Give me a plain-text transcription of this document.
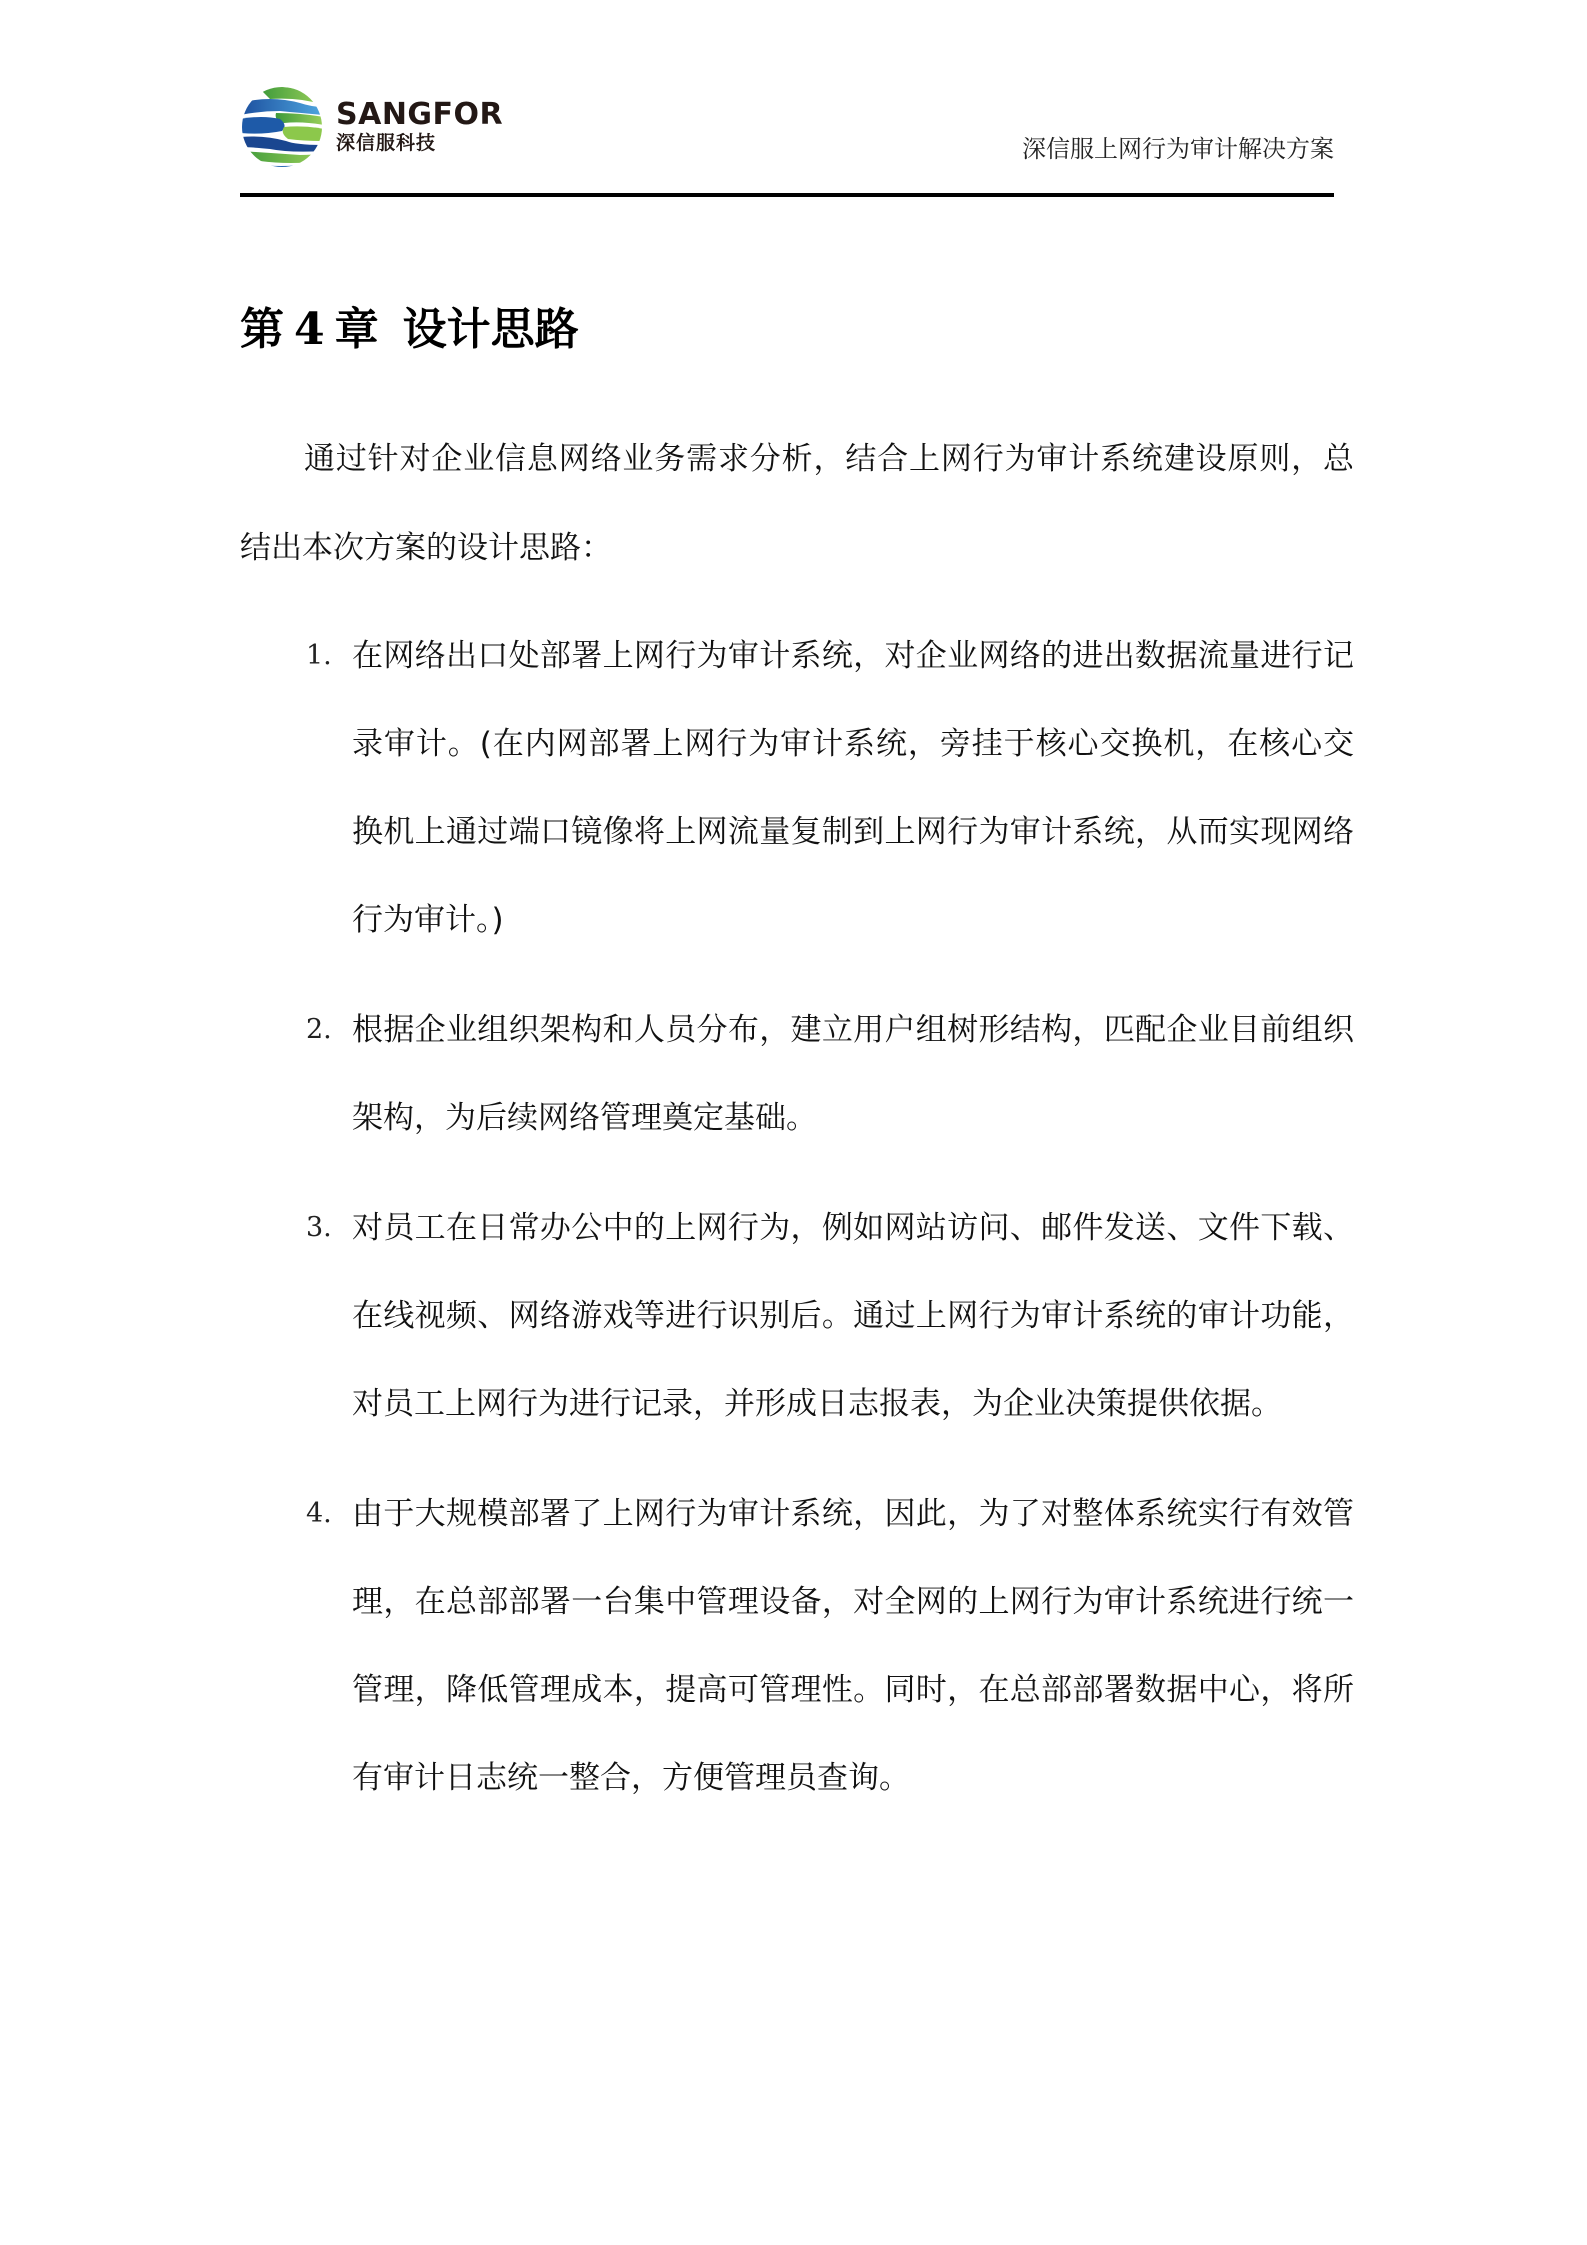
SANGFOR
深信服科技	深信服上网行为审计解决方案
第 4 章 设计思路

通过针对企业信息网络业务需求分析，结合上网行为审计系统建设原则，总结出本次方案的设计思路：

1. 在网络出口处部署上网行为审计系统，对企业网络的进出数据流量进行记录审计。(在内网部署上网行为审计系统，旁挂于核心交换机，在核心交换机上通过端口镜像将上网流量复制到上网行为审计系统，从而实现网络行为审计。)
2. 根据企业组织架构和人员分布，建立用户组树形结构，匹配企业目前组织架构，为后续网络管理奠定基础。
3. 对员工在日常办公中的上网行为，例如网站访问、邮件发送、文件下载、在线视频、网络游戏等进行识别后。通过上网行为审计系统的审计功能，对员工上网行为进行记录，并形成日志报表，为企业决策提供依据。
4. 由于大规模部署了上网行为审计系统，因此，为了对整体系统实行有效管理，在总部部署一台集中管理设备，对全网的上网行为审计系统进行统一管理，降低管理成本，提高可管理性。同时，在总部部署数据中心，将所有审计日志统一整合，方便管理员查询。
